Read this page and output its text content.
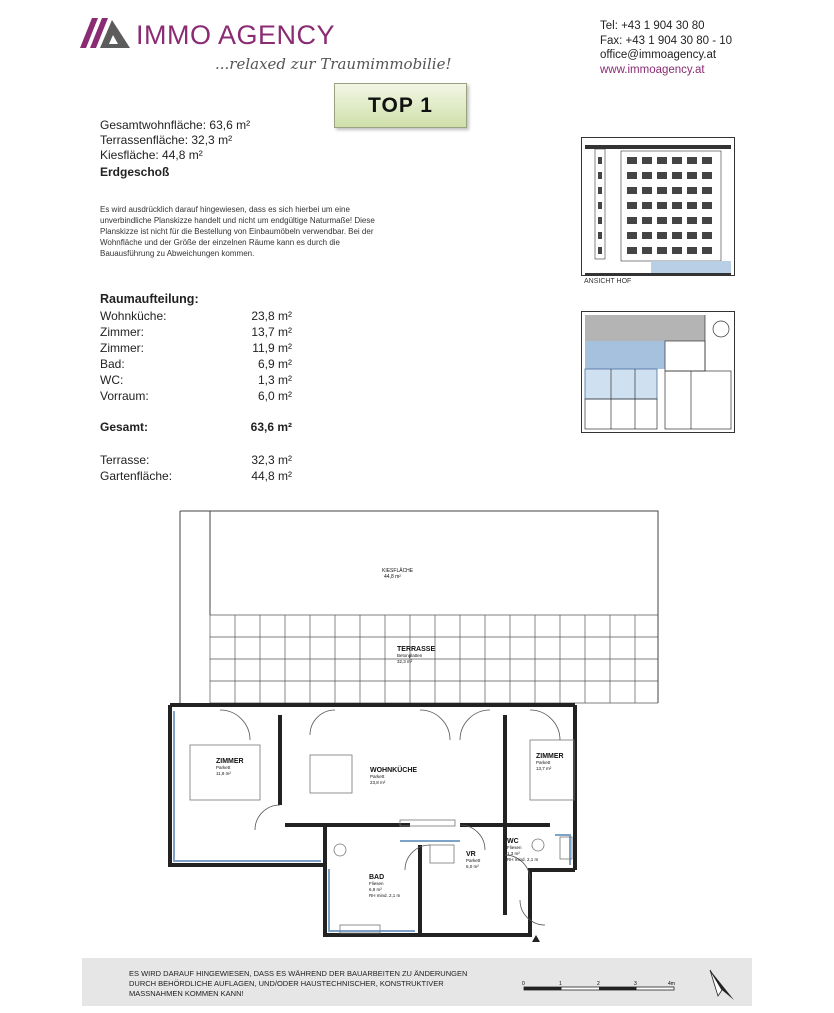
IMMO AGENCY
...relaxed zur Traumimmobilie!
Tel: +43 1 904 30 80
Fax: +43 1 904 30 80 - 10
office@immoagency.at
www.immoagency.at
TOP 1
Gesamtwohnfläche: 63,6 m²
Terrassenfläche: 32,3 m²
Kiesfläche: 44,8 m²
Erdgeschoß
Es wird ausdrücklich darauf hingewiesen, dass es sich hierbei um eine unverbindliche Planskizze handelt und nicht um endgültige Naturmaße! Diese Planskizze ist nicht für die Bestellung von Einbaumöbeln verwendbar. Bei der Wohnfläche und der Größe der einzelnen Räume kann es durch die Bauausführung zu Abweichungen kommen.
Raumaufteilung:
Wohnküche:	23,8 m²
Zimmer:	13,7 m²
Zimmer:	11,9 m²
Bad:	6,9 m²
WC:	1,3 m²
Vorraum:	6,0 m²
Gesamt:	63,6 m²
Terrasse:	32,3 m²
Gartenfläche:	44,8 m²
ANSICHT HOF
KIESFLÄCHE
44,8 m²
TERRASSE
Betonplatten
32,3 m²
ZIMMER
Parkett
11,9 m²	WOHNKÜCHE
Parkett
23,8 m²
ZIMMER
Parkett
13,7 m²
WC
Fliesen
1,3 m²
RH mind. 2,1 m
VR
Parkett
6,0 m²
BAD
Fliesen
6,9 m²
RH mind. 2,1 m
ES WIRD DARAUF HINGEWIESEN, DASS ES WÄHREND DER BAUARBEITEN ZU ÄNDERUNGEN DURCH BEHÖRDLICHE AUFLAGEN, UND/ODER HAUSTECHNISCHER, KONSTRUKTIVER MASSNAHMEN KOMMEN KANN!
0	1	2	3	4m
